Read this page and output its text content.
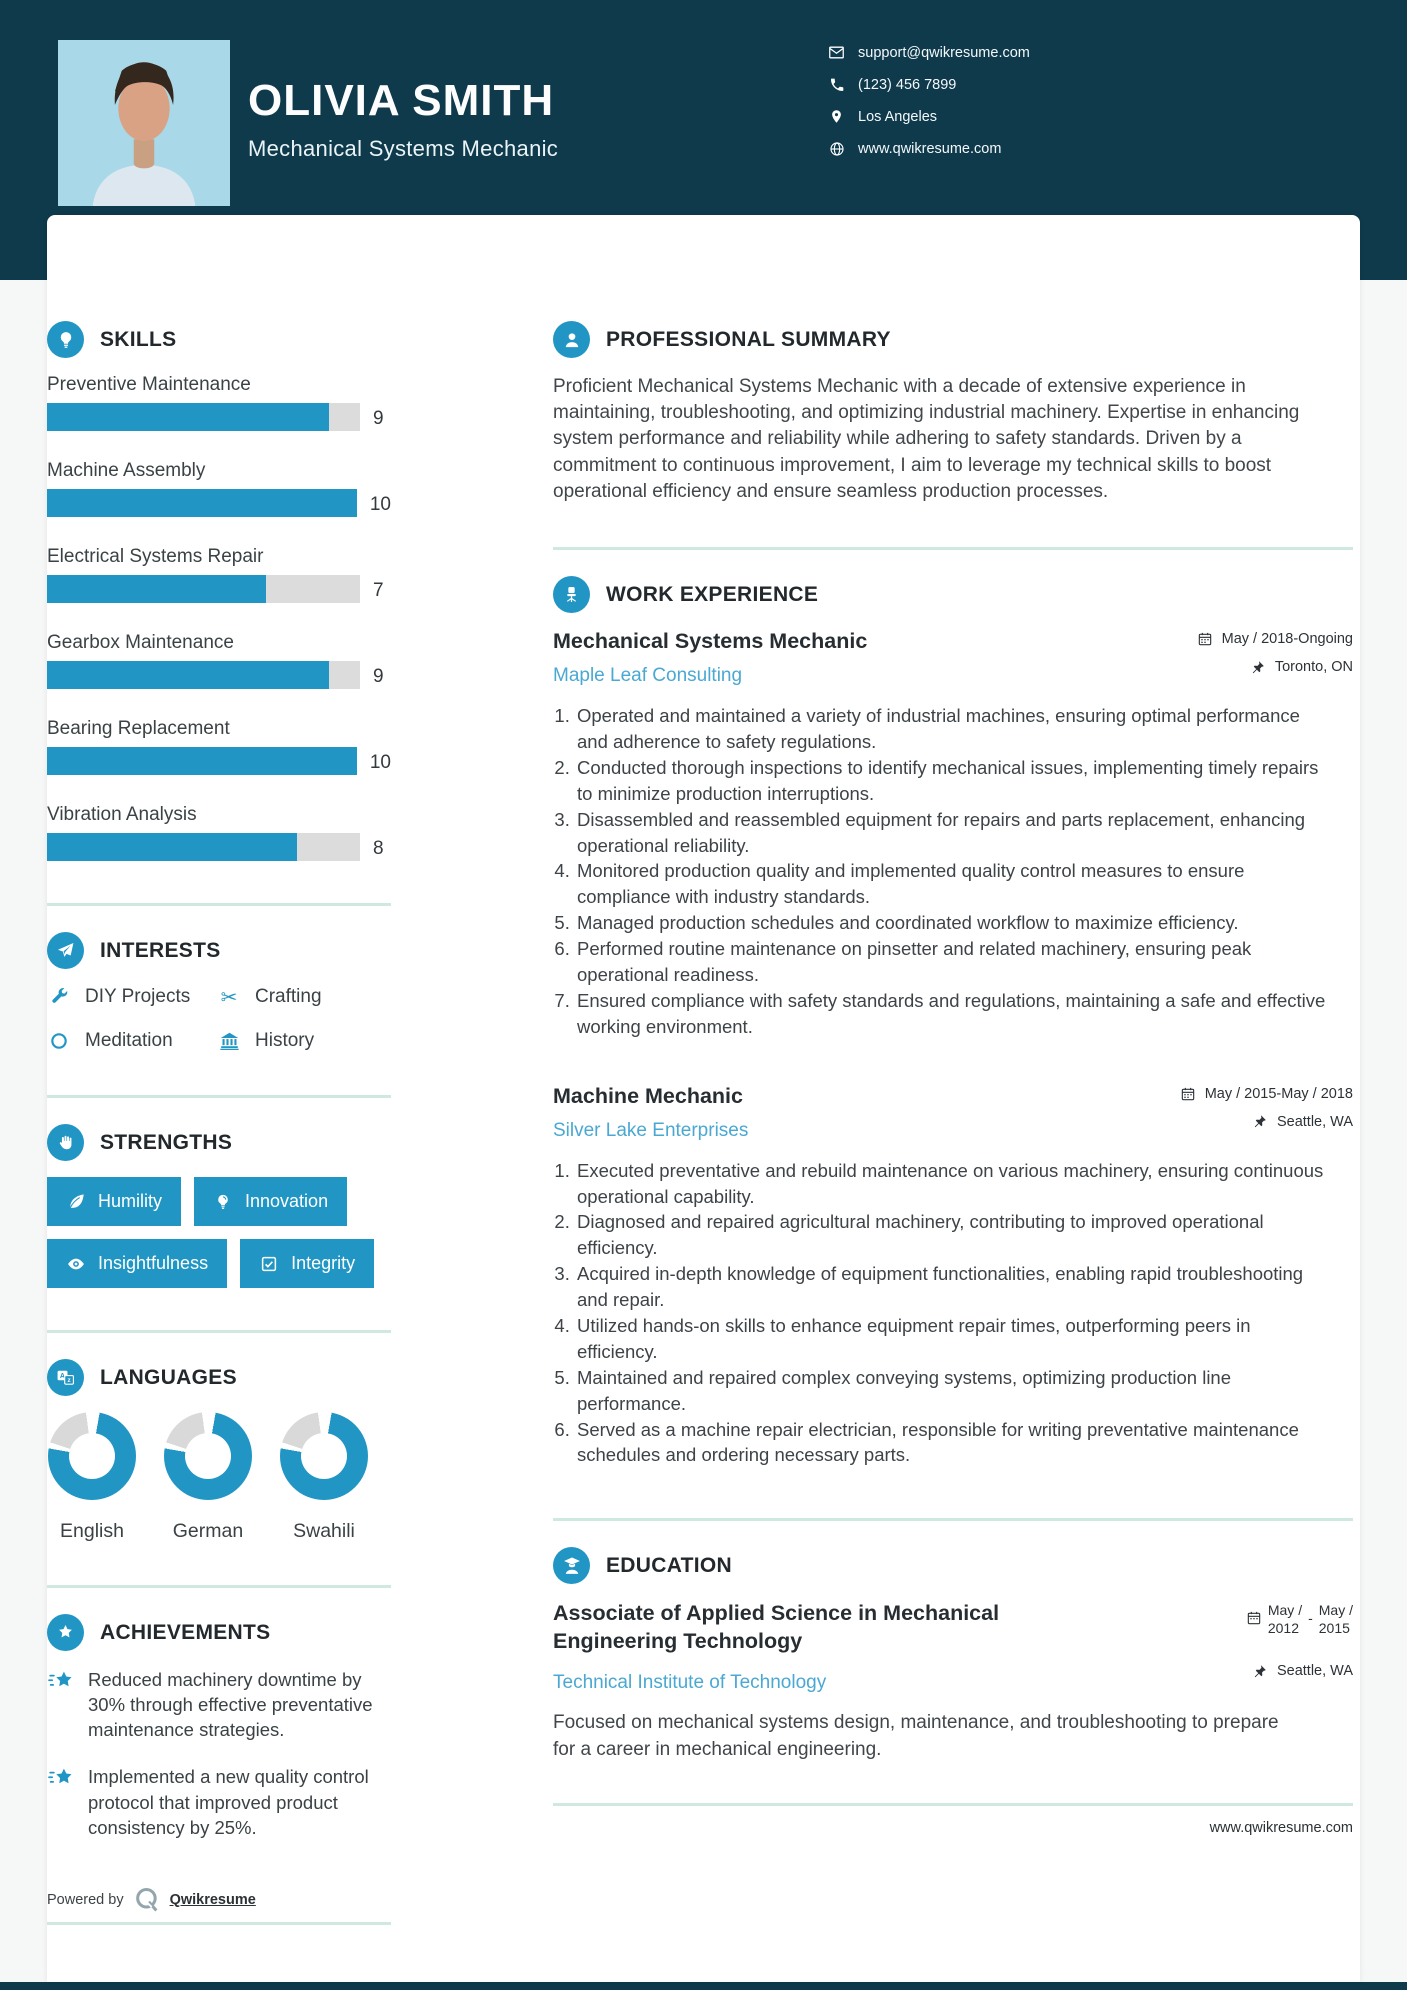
OLIVIA SMITH
Mechanical Systems Mechanic
support@qwikresume.com
(123) 456 7899
Los Angeles
www.qwikresume.com
SKILLS
Preventive Maintenance
9
Machine Assembly
10
Electrical Systems Repair
7
Gearbox Maintenance
9
Bearing Replacement
10
Vibration Analysis
8
INTERESTS
DIY Projects ✂ Crafting
Meditation	History
STRENGTHS
Humility	Innovation
Insightfulness	Integrity
A
z LANGUAGES
English	German	Swahili
ACHIEVEMENTS
Reduced machinery downtime by 30% through effective preventative maintenance strategies.
Implemented a new quality control protocol that improved product consistency by 25%.
Powered by	Qwikresume
PROFESSIONAL SUMMARY

Proficient Mechanical Systems Mechanic with a decade of extensive experience in maintaining, troubleshooting, and optimizing industrial machinery. Expertise in enhancing system performance and reliability while adhering to safety standards. Driven by a commitment to continuous improvement, I aim to leverage my technical skills to boost operational efficiency and ensure seamless production processes.

WORK EXPERIENCE
Mechanical Systems Mechanic
Maple Leaf Consulting
May / 2018-Ongoing
Toronto, ON
1. Operated and maintained a variety of industrial machines, ensuring optimal performance and adherence to safety regulations.
2. Conducted thorough inspections to identify mechanical issues, implementing timely repairs to minimize production interruptions.
3. Disassembled and reassembled equipment for repairs and parts replacement, enhancing operational reliability.
4. Monitored production quality and implemented quality control measures to ensure compliance with industry standards.
5. Managed production schedules and coordinated workflow to maximize efficiency.
6. Performed routine maintenance on pinsetter and related machinery, ensuring peak operational readiness.
7. Ensured compliance with safety standards and regulations, maintaining a safe and effective working environment.
Machine Mechanic
Silver Lake Enterprises
May / 2015-May / 2018
Seattle, WA
1. Executed preventative and rebuild maintenance on various machinery, ensuring continuous operational capability.
2. Diagnosed and repaired agricultural machinery, contributing to improved operational efficiency.
3. Acquired in-depth knowledge of equipment functionalities, enabling rapid troubleshooting and repair.
4. Utilized hands-on skills to enhance equipment repair times, outperforming peers in efficiency.
5. Maintained and repaired complex conveying systems, optimizing production line performance.
6. Served as a machine repair electrician, responsible for writing preventative maintenance schedules and ordering necessary parts.
EDUCATION
Associate of Applied Science in Mechanical Engineering Technology
Technical Institute of Technology
May /
2012
- May /
2015
Seattle, WA

Focused on mechanical systems design, maintenance, and troubleshooting to prepare for a career in mechanical engineering.

www.qwikresume.com
